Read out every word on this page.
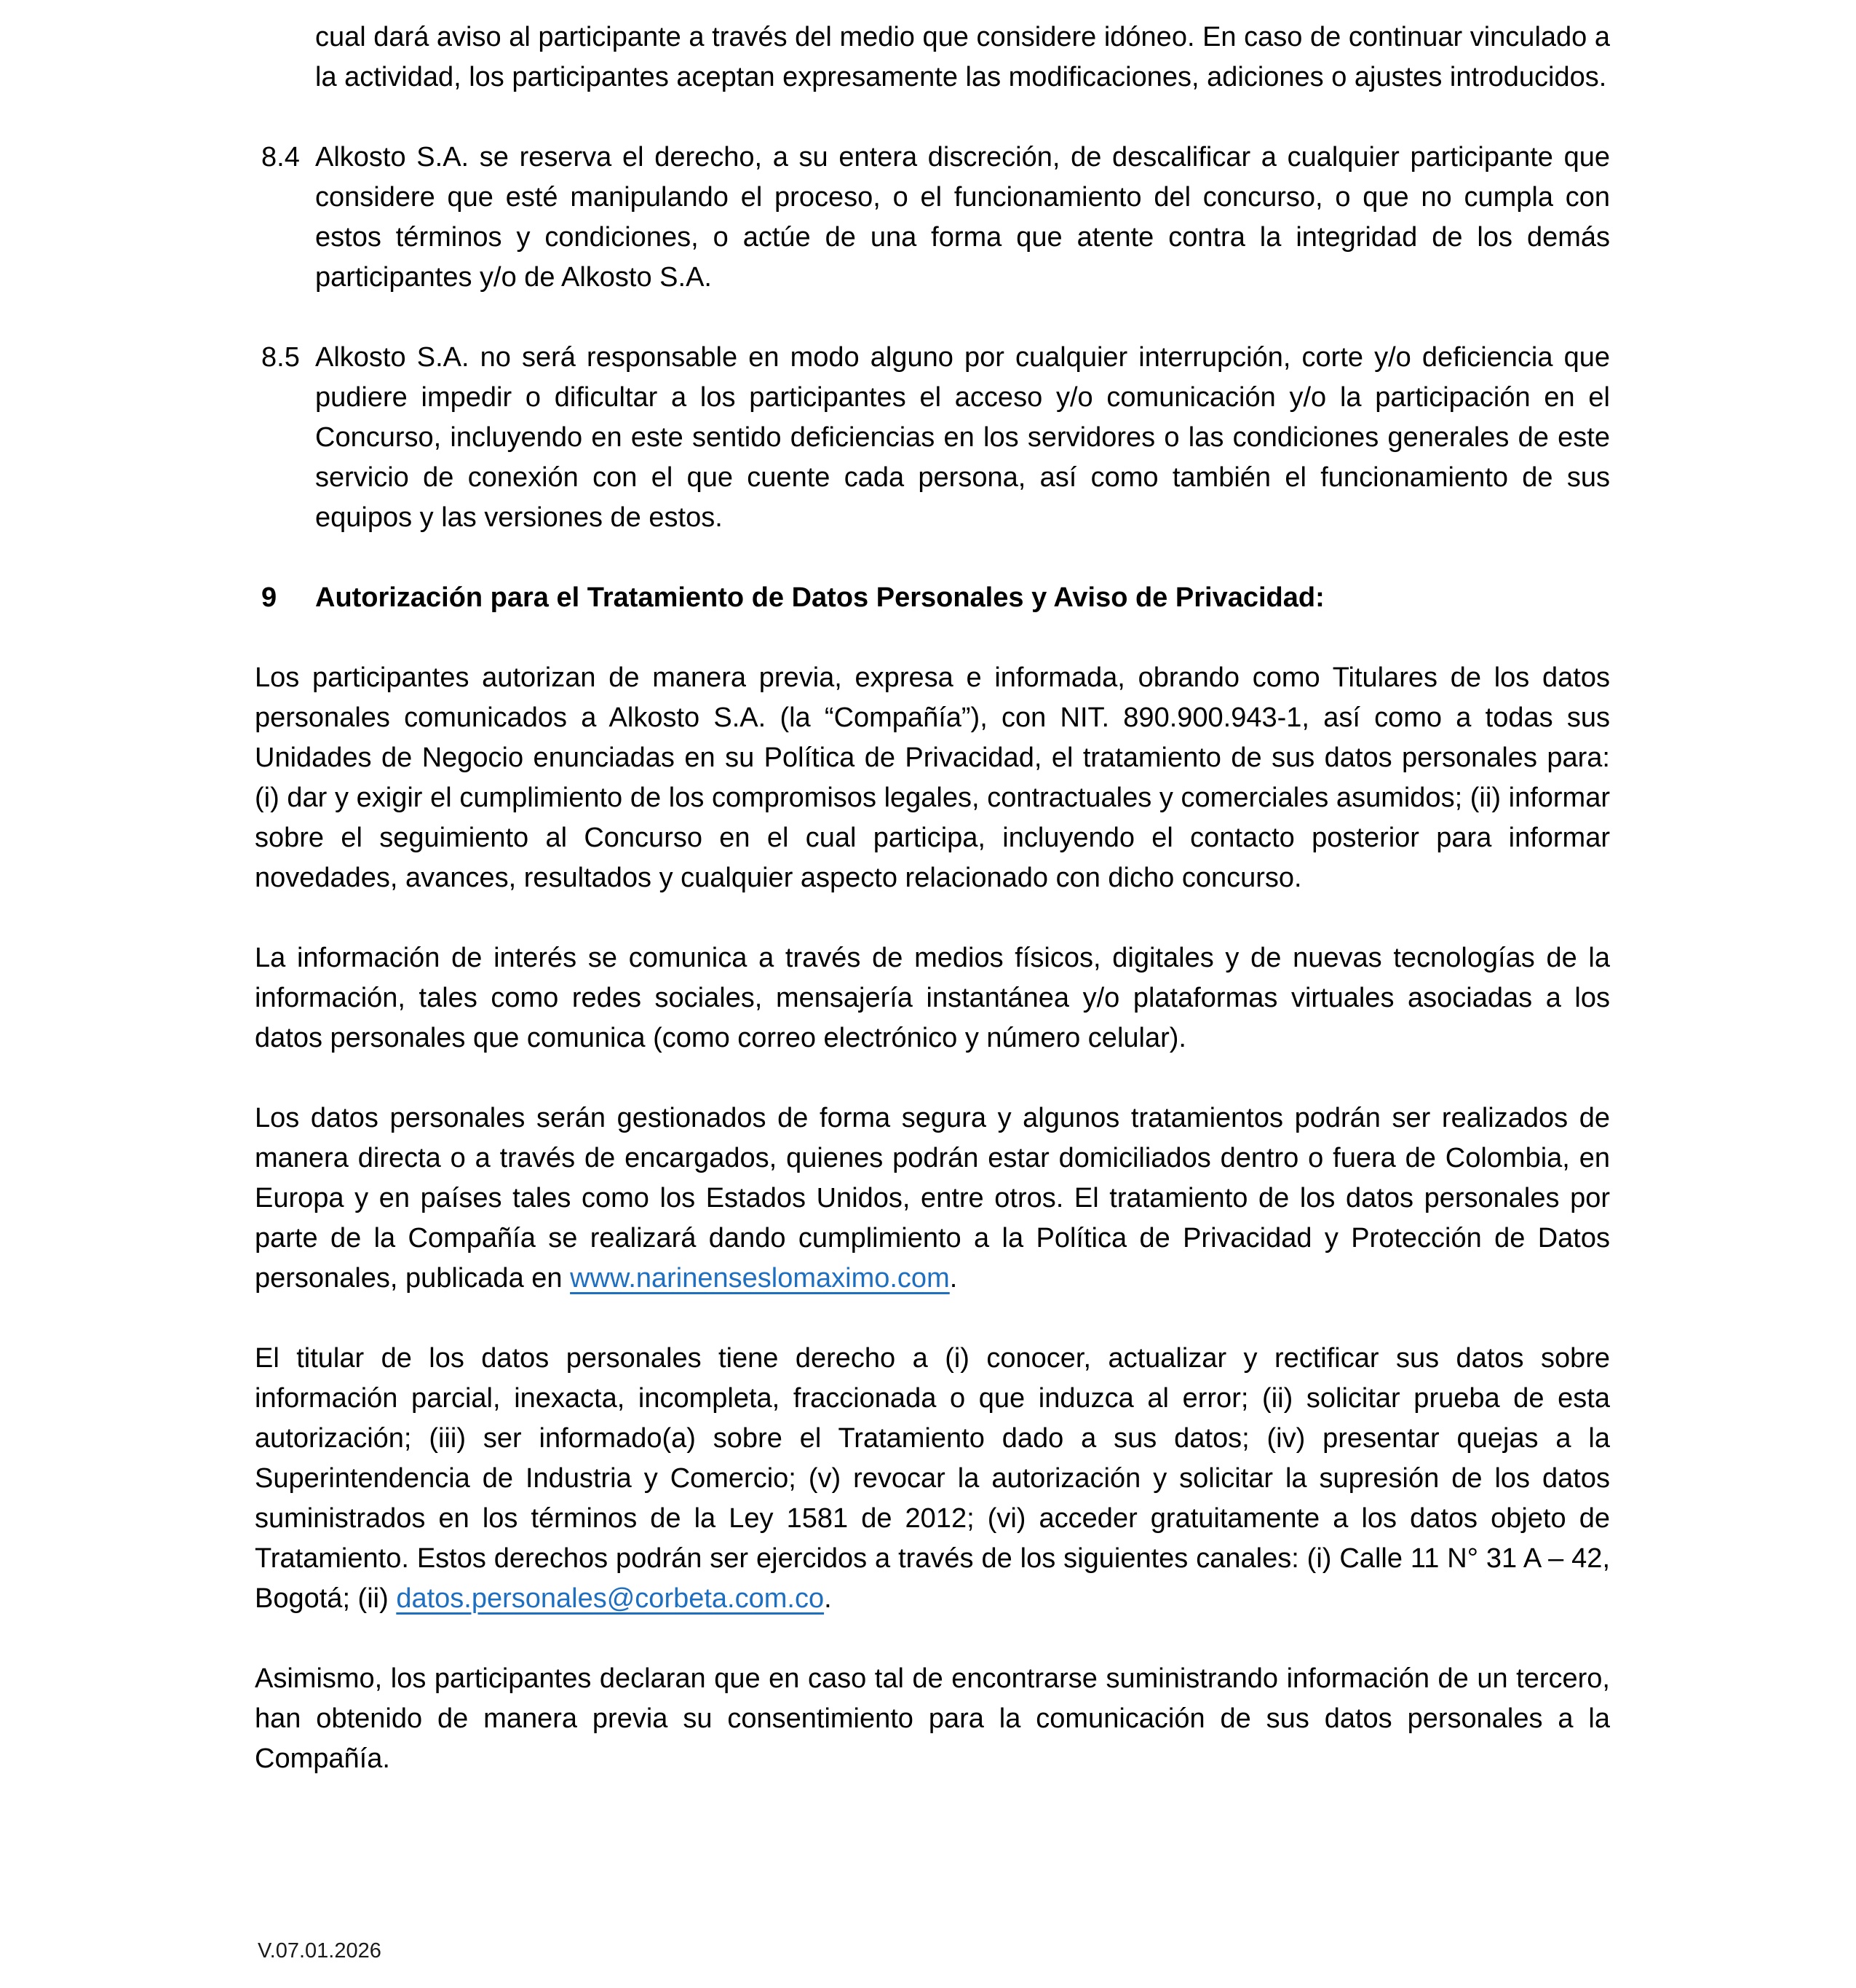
cual dará aviso al participante a través del medio que considere idóneo. En caso de continuar vinculado a la actividad, los participantes aceptan expresamente las modificaciones, adiciones o ajustes introducidos.

8.4 Alkosto S.A. se reserva el derecho, a su entera discreción, de descalificar a cualquier participante que considere que esté manipulando el proceso, o el funcionamiento del concurso, o que no cumpla con estos términos y condiciones, o actúe de una forma que atente contra la integridad de los demás participantes y/o de Alkosto S.A.
8.5 Alkosto S.A. no será responsable en modo alguno por cualquier interrupción, corte y/o deficiencia que pudiere impedir o dificultar a los participantes el acceso y/o comunicación y/o la participación en el Concurso, incluyendo en este sentido deficiencias en los servidores o las condiciones generales de este servicio de conexión con el que cuente cada persona, así como también el funcionamiento de sus equipos y las versiones de estos.
9	Autorización para el Tratamiento de Datos Personales y Aviso de Privacidad:

Los participantes autorizan de manera previa, expresa e informada, obrando como Titulares de los datos personales comunicados a Alkosto S.A. (la “Compañía”), con NIT. 890.900.943-1, así como a todas sus Unidades de Negocio enunciadas en su Política de Privacidad, el tratamiento de sus datos personales para: (i) dar y exigir el cumplimiento de los compromisos legales, contractuales y comerciales asumidos; (ii) informar sobre el seguimiento al Concurso en el cual participa, incluyendo el contacto posterior para informar novedades, avances, resultados y cualquier aspecto relacionado con dicho concurso.

La información de interés se comunica a través de medios físicos, digitales y de nuevas tecnologías de la información, tales como redes sociales, mensajería instantánea y/o plataformas virtuales asociadas a los datos personales que comunica (como correo electrónico y número celular).

Los datos personales serán gestionados de forma segura y algunos tratamientos podrán ser realizados de manera directa o a través de encargados, quienes podrán estar domiciliados dentro o fuera de Colombia, en Europa y en países tales como los Estados Unidos, entre otros. El tratamiento de los datos personales por parte de la Compañía se realizará dando cumplimiento a la Política de Privacidad y Protección de Datos personales, publicada en www.narinenseslomaximo.com.

El titular de los datos personales tiene derecho a (i) conocer, actualizar y rectificar sus datos sobre información parcial, inexacta, incompleta, fraccionada o que induzca al error; (ii) solicitar prueba de esta autorización; (iii) ser informado(a) sobre el Tratamiento dado a sus datos; (iv) presentar quejas a la Superintendencia de Industria y Comercio; (v) revocar la autorización y solicitar la supresión de los datos suministrados en los términos de la Ley 1581 de 2012; (vi) acceder gratuitamente a los datos objeto de Tratamiento. Estos derechos podrán ser ejercidos a través de los siguientes canales: (i) Calle 11 N° 31 A – 42, Bogotá; (ii) datos.personales@corbeta.com.co.

Asimismo, los participantes declaran que en caso tal de encontrarse suministrando información de un tercero, han obtenido de manera previa su consentimiento para la comunicación de sus datos personales a la Compañía.

V.07.01.2026
